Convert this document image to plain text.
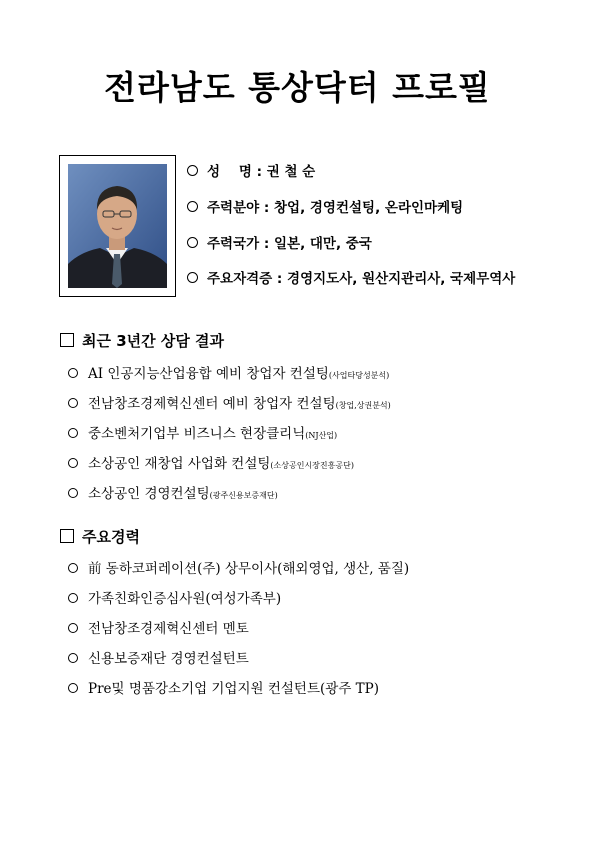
전라남도 통상닥터 프로필
성    명 : 권 철 순
주력분야 : 창업, 경영컨설팅, 온라인마케팅
주력국가 : 일본, 대만, 중국
주요자격증 : 경영지도사, 원산지관리사, 국제무역사
최근 3년간 상담 결과
AI 인공지능산업융합 예비 창업자 컨설팅(사업타당성분석)
전남창조경제혁신센터 예비 창업자 컨설팅(창업,상권분석)
중소벤처기업부 비즈니스 현장클리닉(NJ산업)
소상공인 재창업 사업화 컨설팅(소상공인시장진흥공단)
소상공인 경영컨설팅(광주신용보증재단)
주요경력
前 동하코퍼레이션(주) 상무이사(해외영업, 생산, 품질)
가족친화인증심사원(여성가족부)
전남창조경제혁신센터 멘토
신용보증재단 경영컨설턴트
Pre및 명품강소기업 기업지원 컨설턴트(광주 TP)
